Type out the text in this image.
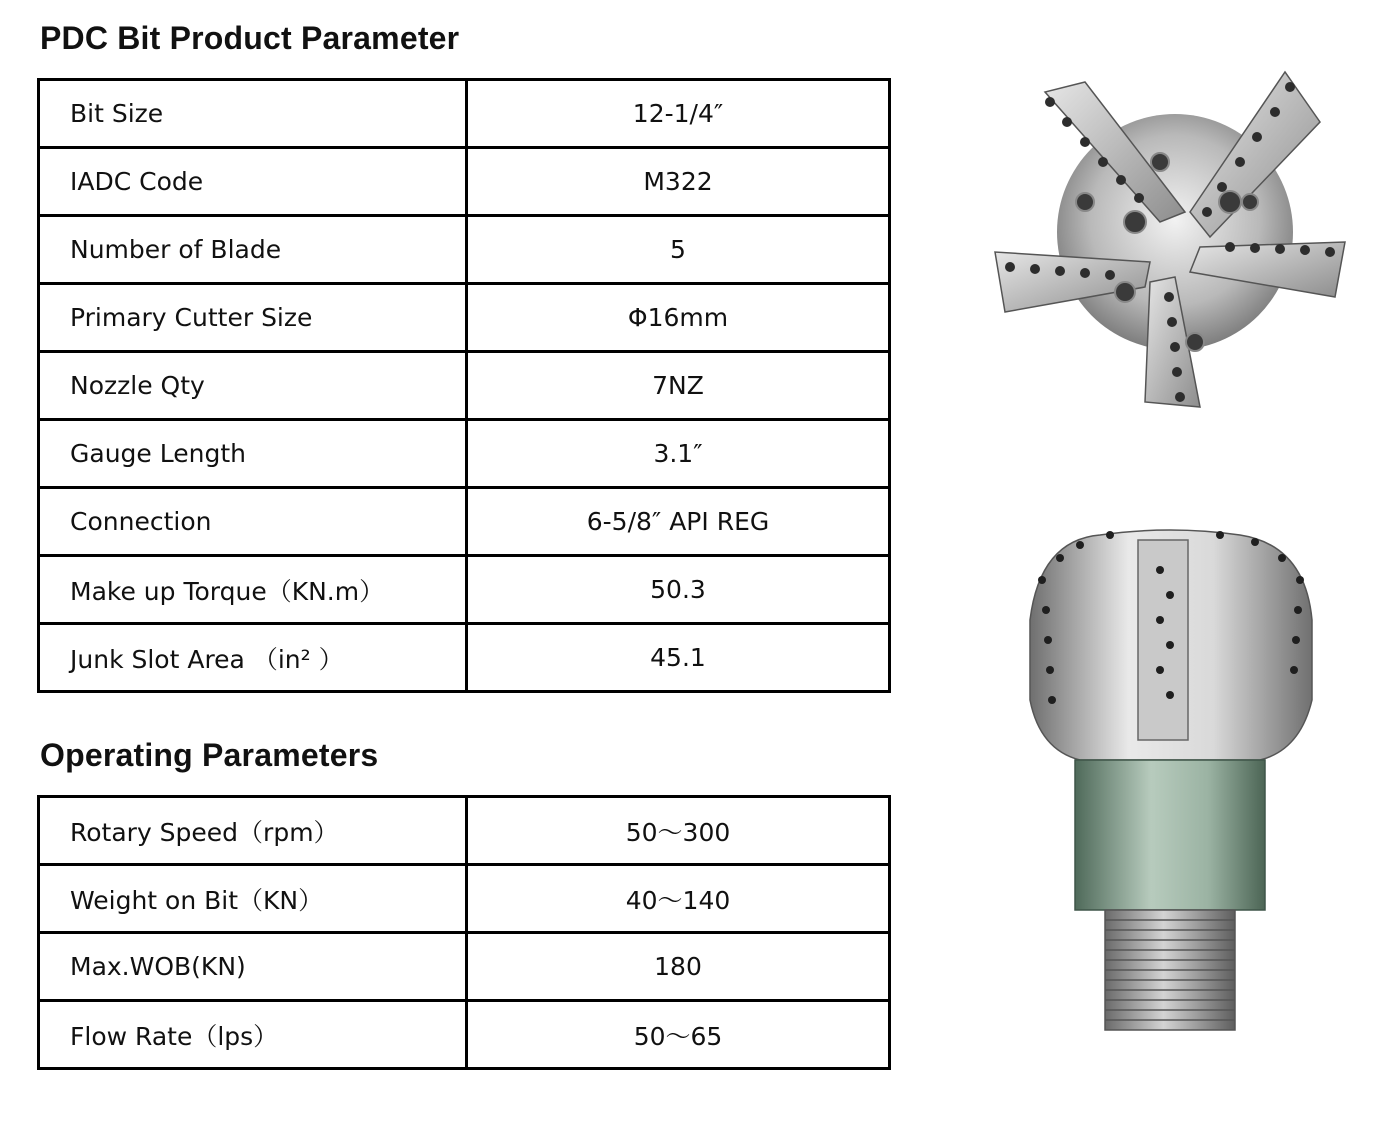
PDC Bit Product Parameter
Bit Size	12-1/4″
IADC Code	M322
Number of Blade	5
Primary Cutter Size	Φ16mm
Nozzle Qty	7NZ
Gauge Length	3.1″
Connection	6-5/8″ API REG
Make up Torque（KN.m）	50.3
Junk Slot Area （in² ）	45.1
Operating Parameters
Rotary Speed（rpm）	50～300
Weight on Bit（KN）	40～140
Max.WOB(KN)	180
Flow Rate（lps）	50～65
